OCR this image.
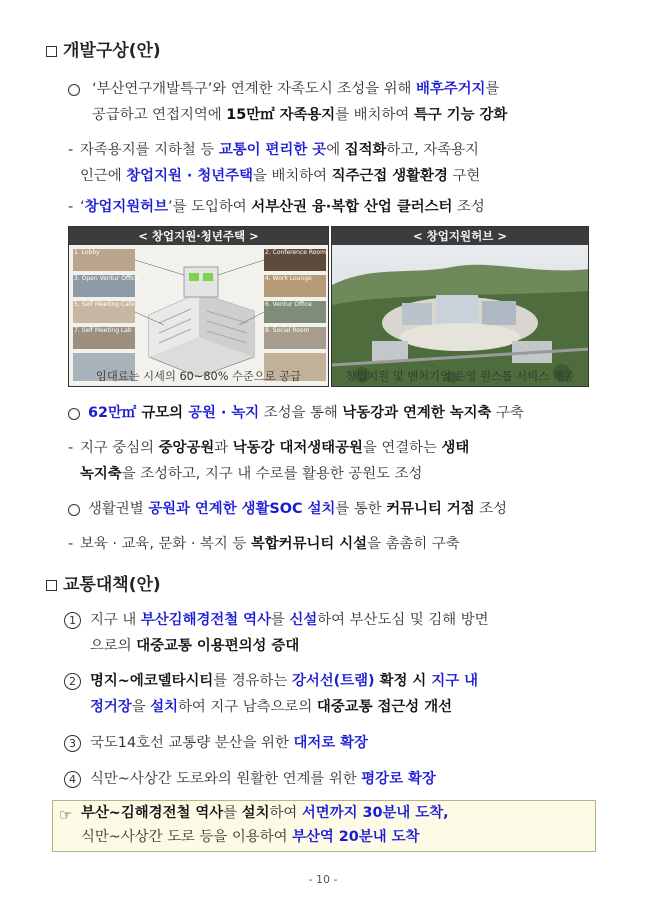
개발구상(안)
‘부산연구개발특구’와 연계한 자족도시 조성을 위해 배후주거지를
공급하고 연접지역에 15만㎡ 자족용지를 배치하여 특구 기능 강화
- 자족용지를 지하철 등 교통이 편리한 곳에 집적화하고, 자족용지
인근에 창업지원 · 청년주택을 배치하여 직주근접 생활환경 구현
- ‘창업지원허브’를 도입하여 서부산권 융·복합 산업 클러스터 조성
< 창업지원·청년주택 >
1. Lobby	2. Conference Room
3. Open Ventur Office	4. Work Lounge
5. Self Meeting Café	6. Ventur Office
7. Self Meeting Lab	8. Social Room
임대료는 시세의 60~80% 수준으로 공급
< 창업지원허브 >
창업지원 및 벤처기업 운영 원스톱 서비스 제공
62만㎡ 규모의 공원 · 녹지 조성을 통해 낙동강과 연계한 녹지축 구축
- 지구 중심의 중앙공원과 낙동강 대저생태공원을 연결하는 생태
녹지축을 조성하고, 지구 내 수로를 활용한 공원도 조성
생활권별 공원과 연계한 생활SOC 설치를 통한 커뮤니티 거점 조성
- 보육 · 교육, 문화 · 복지 등 복합커뮤니티 시설을 촘촘히 구축
교통대책(안)
1 지구 내 부산김해경전철 역사를 신설하여 부산도심 및 김해 방면
으로의 대중교통 이용편의성 증대
2 명지~에코델타시티를 경유하는 강서선(트램) 확정 시 지구 내
정거장을 설치하여 지구 남측으로의 대중교통 접근성 개선
3 국도14호선 교통량 분산을 위한 대저로 확장
4 식만~사상간 도로와의 원활한 연계를 위한 평강로 확장
☞ 부산~김해경전철 역사를 설치하여 서면까지 30분내 도착,
식만~사상간 도로 등을 이용하여 부산역 20분내 도착
- 10 -
